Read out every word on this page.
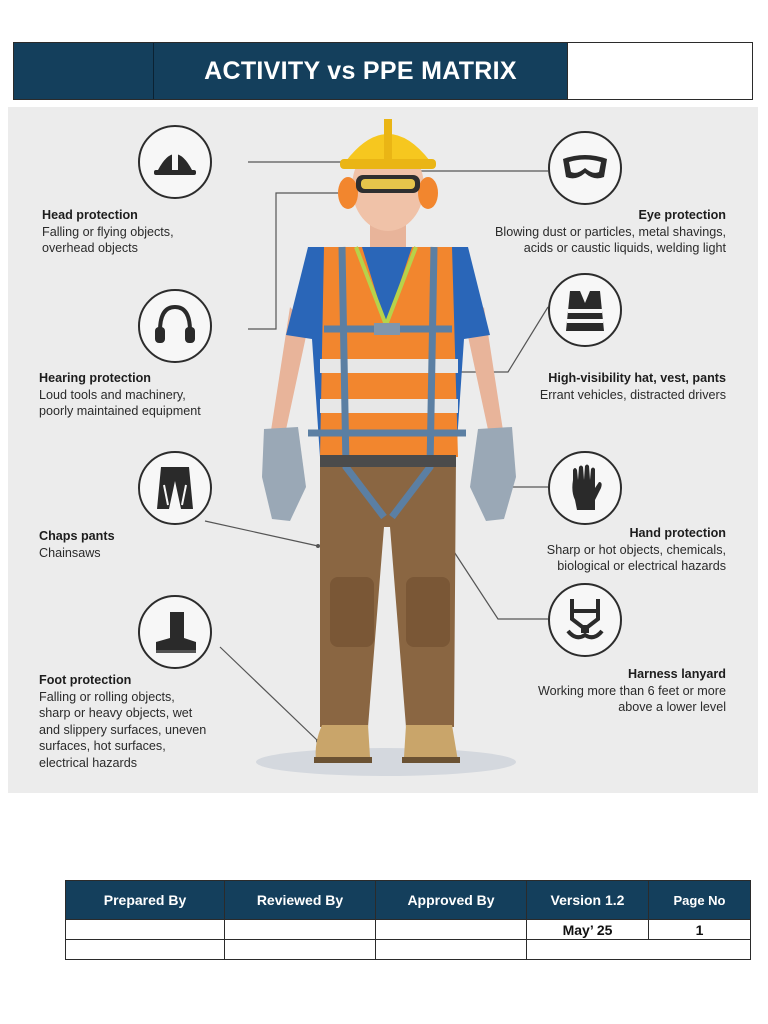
ACTIVITY vs PPE MATRIX
Head protection
Falling or flying objects,
overhead objects
Hearing protection
Loud tools and machinery,
poorly maintained equipment
Chaps pants
Chainsaws
Foot protection
Falling or rolling objects,
sharp or heavy objects, wet
and slippery surfaces, uneven
surfaces, hot surfaces,
electrical hazards
Eye protection
Blowing dust or particles, metal shavings,
acids or caustic liquids, welding light
High-visibility hat, vest, pants
Errant vehicles, distracted drivers
Hand protection
Sharp or hot objects, chemicals,
biological or electrical hazards
Harness lanyard
Working more than 6 feet or more
above a lower level
Prepared By	Reviewed By	Approved By	Version 1.2	Page No
			May’ 25	1
